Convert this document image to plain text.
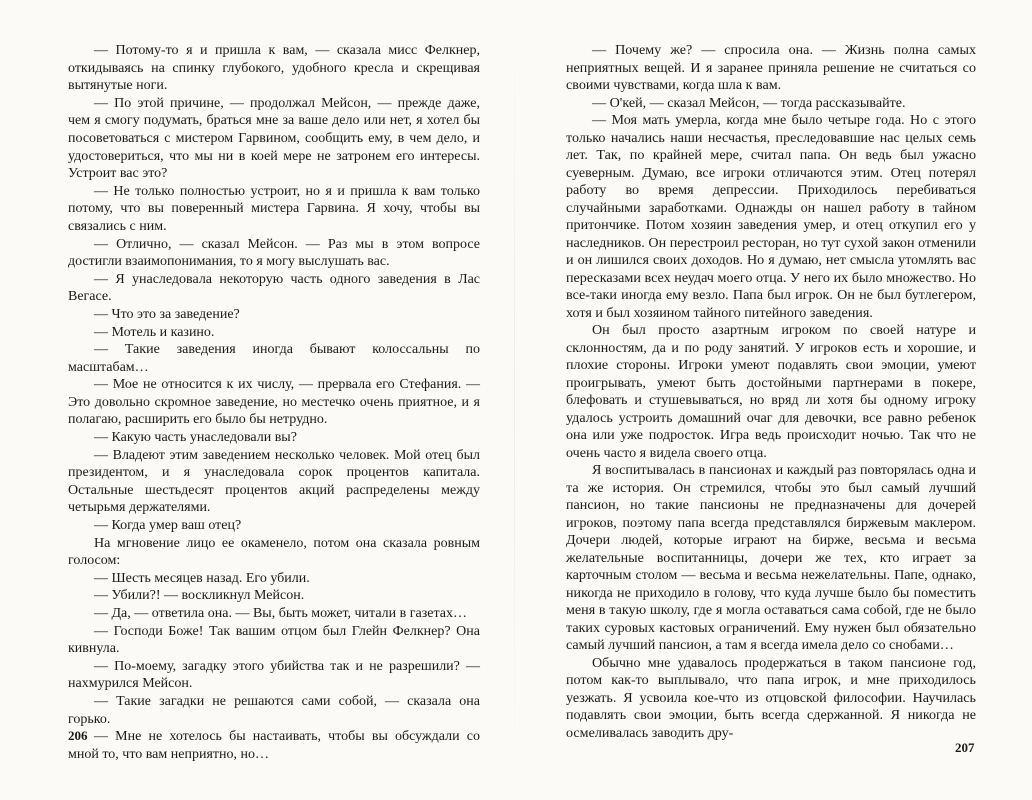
— Потому-то я и пришла к вам, — сказала мисс Фелкнер, откидываясь на спинку глубокого, удобного кресла и скрещивая вытянутые ноги.

— По этой причине, — продолжал Мейсон, — прежде даже, чем я смогу подумать, браться мне за ваше дело или нет, я хотел бы посоветоваться с мистером Гарвином, сообщить ему, в чем дело, и удостовериться, что мы ни в коей мере не затронем его интересы. Устроит вас это?

— Не только полностью устроит, но я и пришла к вам только потому, что вы поверенный мистера Гарвина. Я хочу, чтобы вы связались с ним.

— Отлично, — сказал Мейсон. — Раз мы в этом вопросе достигли взаимопонимания, то я могу выслушать вас.

— Я унаследовала некоторую часть одного заведения в Лас Вегасе.

— Что это за заведение?

— Мотель и казино.

— Такие заведения иногда бывают колоссальны по масштабам…

— Мое не относится к их числу, — прервала его Стефания. — Это довольно скромное заведение, но местечко очень приятное, и я полагаю, расширить его было бы нетрудно.

— Какую часть унаследовали вы?

— Владеют этим заведением несколько человек. Мой отец был президентом, и я унаследовала сорок процентов капитала. Остальные шестьдесят процентов акций распределены между четырьмя держателями.

— Когда умер ваш отец?

На мгновение лицо ее окаменело, потом она сказала ровным голосом:

— Шесть месяцев назад. Его убили.

— Убили?! — воскликнул Мейсон.

— Да, — ответила она. — Вы, быть может, читали в газетах…

— Господи Боже! Так вашим отцом был Глейн Фелкнер? Она кивнула.

— По-моему, загадку этого убийства так и не разрешили? — нахмурился Мейсон.

— Такие загадки не решаются сами собой, — сказала она горько.

— Мне не хотелось бы настаивать, чтобы вы обсуждали со мной то, что вам неприятно, но…

206

— Почему же? — спросила она. — Жизнь полна самых неприятных вещей. И я заранее приняла решение не считаться со своими чувствами, когда шла к вам.

— О'кей, — сказал Мейсон, — тогда рассказывайте.

— Моя мать умерла, когда мне было четыре года. Но с этого только начались наши несчастья, преследовавшие нас целых семь лет. Так, по крайней мере, считал папа. Он ведь был ужасно суеверным. Думаю, все игроки отличаются этим. Отец потерял работу во время депрессии. Приходилось перебиваться случайными заработками. Однажды он нашел работу в тайном притончике. Потом хозяин заведения умер, и отец откупил его у наследников. Он перестроил ресторан, но тут сухой закон отменили и он лишился своих доходов. Но я думаю, нет смысла утомлять вас пересказами всех неудач моего отца. У него их было множество. Но все-таки иногда ему везло. Папа был игрок. Он не был бутлегером, хотя и был хозяином тайного питейного заведения.

Он был просто азартным игроком по своей натуре и склонностям, да и по роду занятий. У игроков есть и хорошие, и плохие стороны. Игроки умеют подавлять свои эмоции, умеют проигрывать, умеют быть достойными партнерами в покере, блефовать и стушевываться, но вряд ли хотя бы одному игроку удалось устроить домашний очаг для девочки, все равно ребенок она или уже подросток. Игра ведь происходит ночью. Так что не очень часто я видела своего отца.

Я воспитывалась в пансионах и каждый раз повторялась одна и та же история. Он стремился, чтобы это был самый лучший пансион, но такие пансионы не предназначены для дочерей игроков, поэтому папа всегда представлялся биржевым маклером. Дочери людей, которые играют на бирже, весьма и весьма желательные воспитанницы, дочери же тех, кто играет за карточным столом — весьма и весьма нежелательны. Папе, однако, никогда не приходило в голову, что куда лучше было бы поместить меня в такую школу, где я могла оставаться сама собой, где не было таких суровых кастовых ограничений. Ему нужен был обязательно самый лучший пансион, а там я всегда имела дело со снобами…

Обычно мне удавалось продержаться в таком пансионе год, потом как-то выплывало, что папа игрок, и мне приходилось уезжать. Я усвоила кое-что из отцовской философии. Научилась подавлять свои эмоции, быть всегда сдержанной. Я никогда не осмеливалась заводить дру-

207
